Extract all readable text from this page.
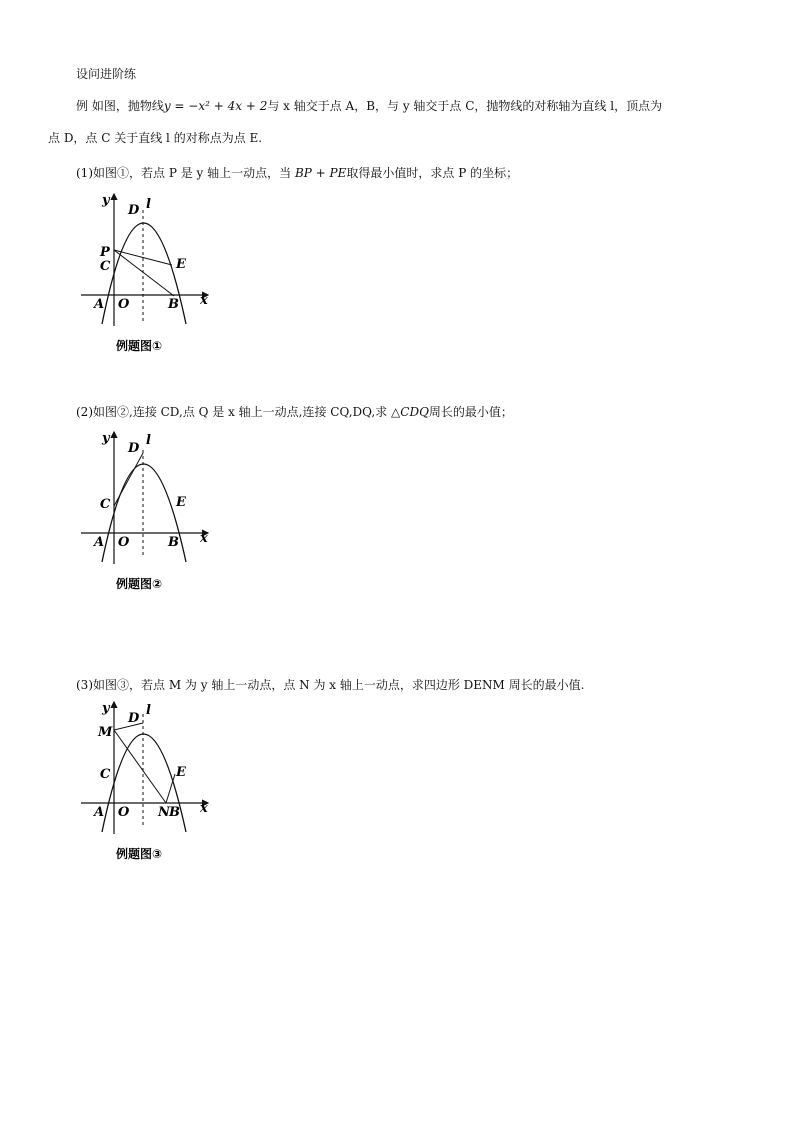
设问进阶练
例 如图，抛物线y = −x² + 4x + 2与 x 轴交于点 A，B，与 y 轴交于点 C，抛物线的对称轴为直线 l，顶点为
点 D，点 C 关于直线 l 的对称点为点 E.
(1)如图①，若点 P 是 y 轴上一动点，当 BP + PE取得最小值时，求点 P 的坐标；
(2)如图②,连接 CD,点 Q 是 x 轴上一动点,连接 CQ,DQ,求 △CDQ周长的最小值；
(3)如图③，若点 M 为 y 轴上一动点，点 N 为 x 轴上一动点，求四边形 DENM 周长的最小值.
y
x
D l
P
C	E
A O	B
例题图①
y
x
D
l
C	E
A O	B
例题图②
y
x
D
l
M
C	E
A O N B
例题图③
